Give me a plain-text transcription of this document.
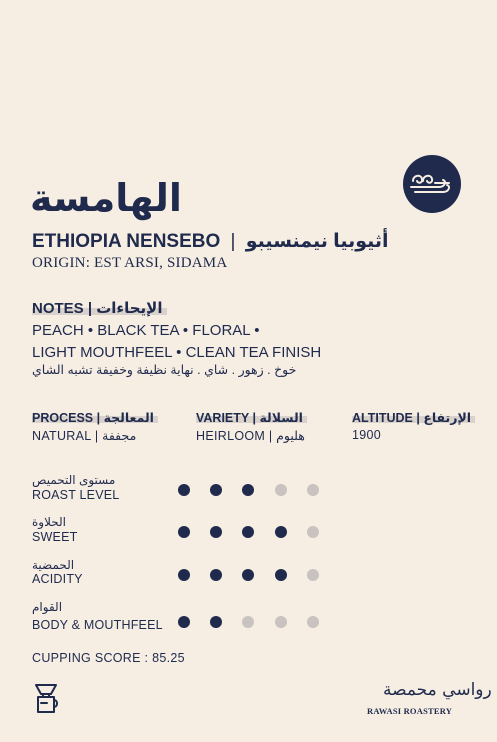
الهامسة
ETHIOPIA NENSEBO | أثيوبيا نيمنسيبو
ORIGIN: EST ARSI, SIDAMA
NOTES | الإيحاءات
PEACH • BLACK TEA • FLORAL •
LIGHT MOUTHFEEL • CLEAN TEA FINISH
خوخ . زهور . شاي . نهاية نظيفة وخفيفة تشبه الشاي
PROCESS | المعالجة
NATURAL | مجففة
VARIETY | السلالة
HEIRLOOM | هليوم
ALTITUDE | الإرتفاع
1900
مستوى التحميص
ROAST LEVEL
الحلاوة
SWEET
الحمضية
ACIDITY
القوام
BODY & MOUTHFEEL
CUPPING SCORE : 85.25
رواسي محمصة
RAWASI ROASTERY
